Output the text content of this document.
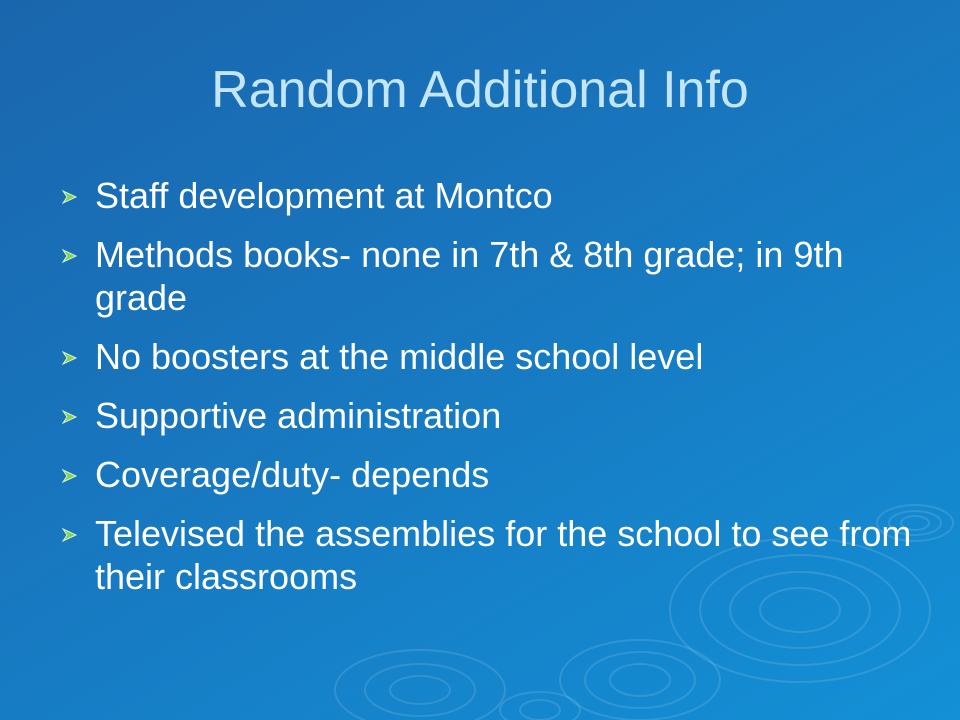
Random Additional Info
Staff development at Montco
Methods books- none in 7th & 8th grade; in 9th grade
No boosters at the middle school level
Supportive administration
Coverage/duty- depends
Televised the assemblies for the school to see from their classrooms
